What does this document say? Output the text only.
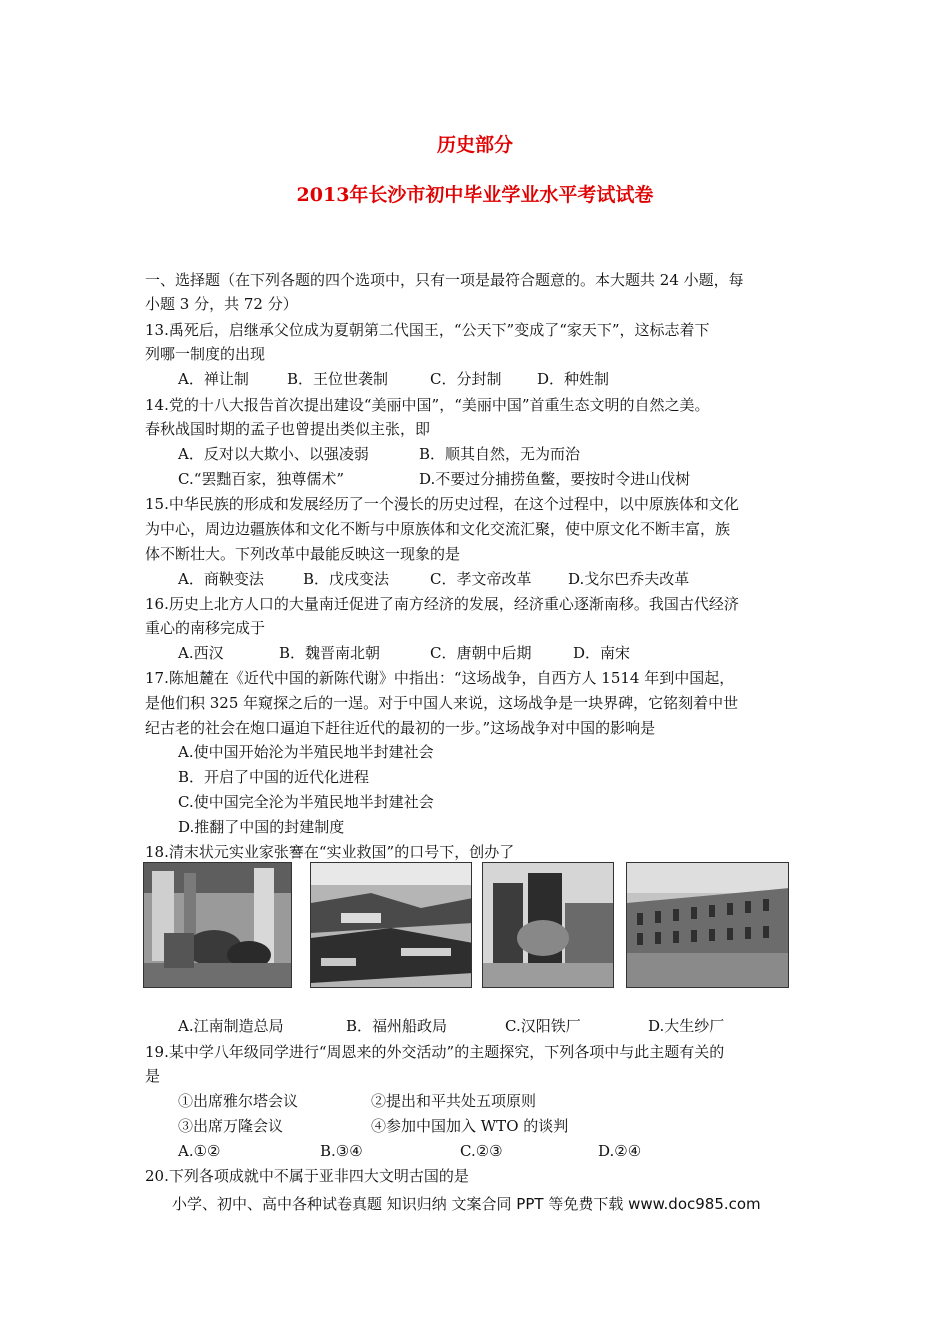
历史部分
2013年长沙市初中毕业学业水平考试试卷
一、选择题（在下列各题的四个选项中，只有一项是最符合题意的。本大题共 24 小题，每
小题 3 分，共 72 分）
13.禹死后，启继承父位成为夏朝第二代国王，“公天下”变成了“家天下”，这标志着下
列哪一制度的出现
A．禅让制	B．王位世袭制	C．分封制 D．种姓制
14.党的十八大报告首次提出建设“美丽中国”，“美丽中国”首重生态文明的自然之美。
春秋战国时期的孟子也曾提出类似主张，即
A．反对以大欺小、以强凌弱	B．顺其自然，无为而治
C.“罢黜百家，独尊儒术”	D.不要过分捕捞鱼鳖，要按时令进山伐树
15.中华民族的形成和发展经历了一个漫长的历史过程，在这个过程中，以中原族体和文化
为中心，周边边疆族体和文化不断与中原族体和文化交流汇聚，使中原文化不断丰富，族
体不断壮大。下列改革中最能反映这一现象的是
A．商鞅变法	B．戊戌变法	C．孝文帝改革 D.戈尔巴乔夫改革
16.历史上北方人口的大量南迁促进了南方经济的发展，经济重心逐渐南移。我国古代经济
重心的南移完成于
A.西汉	B．魏晋南北朝	C．唐朝中后期	D．南宋
17.陈旭麓在《近代中国的新陈代谢》中指出：“这场战争，自西方人 1514 年到中国起，
是他们积 325 年窥探之后的一逞。对于中国人来说，这场战争是一块界碑，它铭刻着中世
纪古老的社会在炮口逼迫下赶往近代的最初的一步。”这场战争对中国的影响是
A.使中国开始沦为半殖民地半封建社会
B．开启了中国的近代化进程
C.使中国完全沦为半殖民地半封建社会
D.推翻了中国的封建制度
18.清末状元实业家张謇在“实业救国”的口号下，创办了
A.江南制造总局	B．福州船政局	C.汉阳铁厂	D.大生纱厂
19.某中学八年级同学进行“周恩来的外交活动”的主题探究，下列各项中与此主题有关的
是
①出席雅尔塔会议	②提出和平共处五项原则
③出席万隆会议	④参加中国加入 WTO 的谈判
A.①②	B.③④	C.②③	D.②④
20.下列各项成就中不属于亚非四大文明古国的是
小学、初中、高中各种试卷真题 知识归纳 文案合同 PPT 等免费下载 www.doc985.com
